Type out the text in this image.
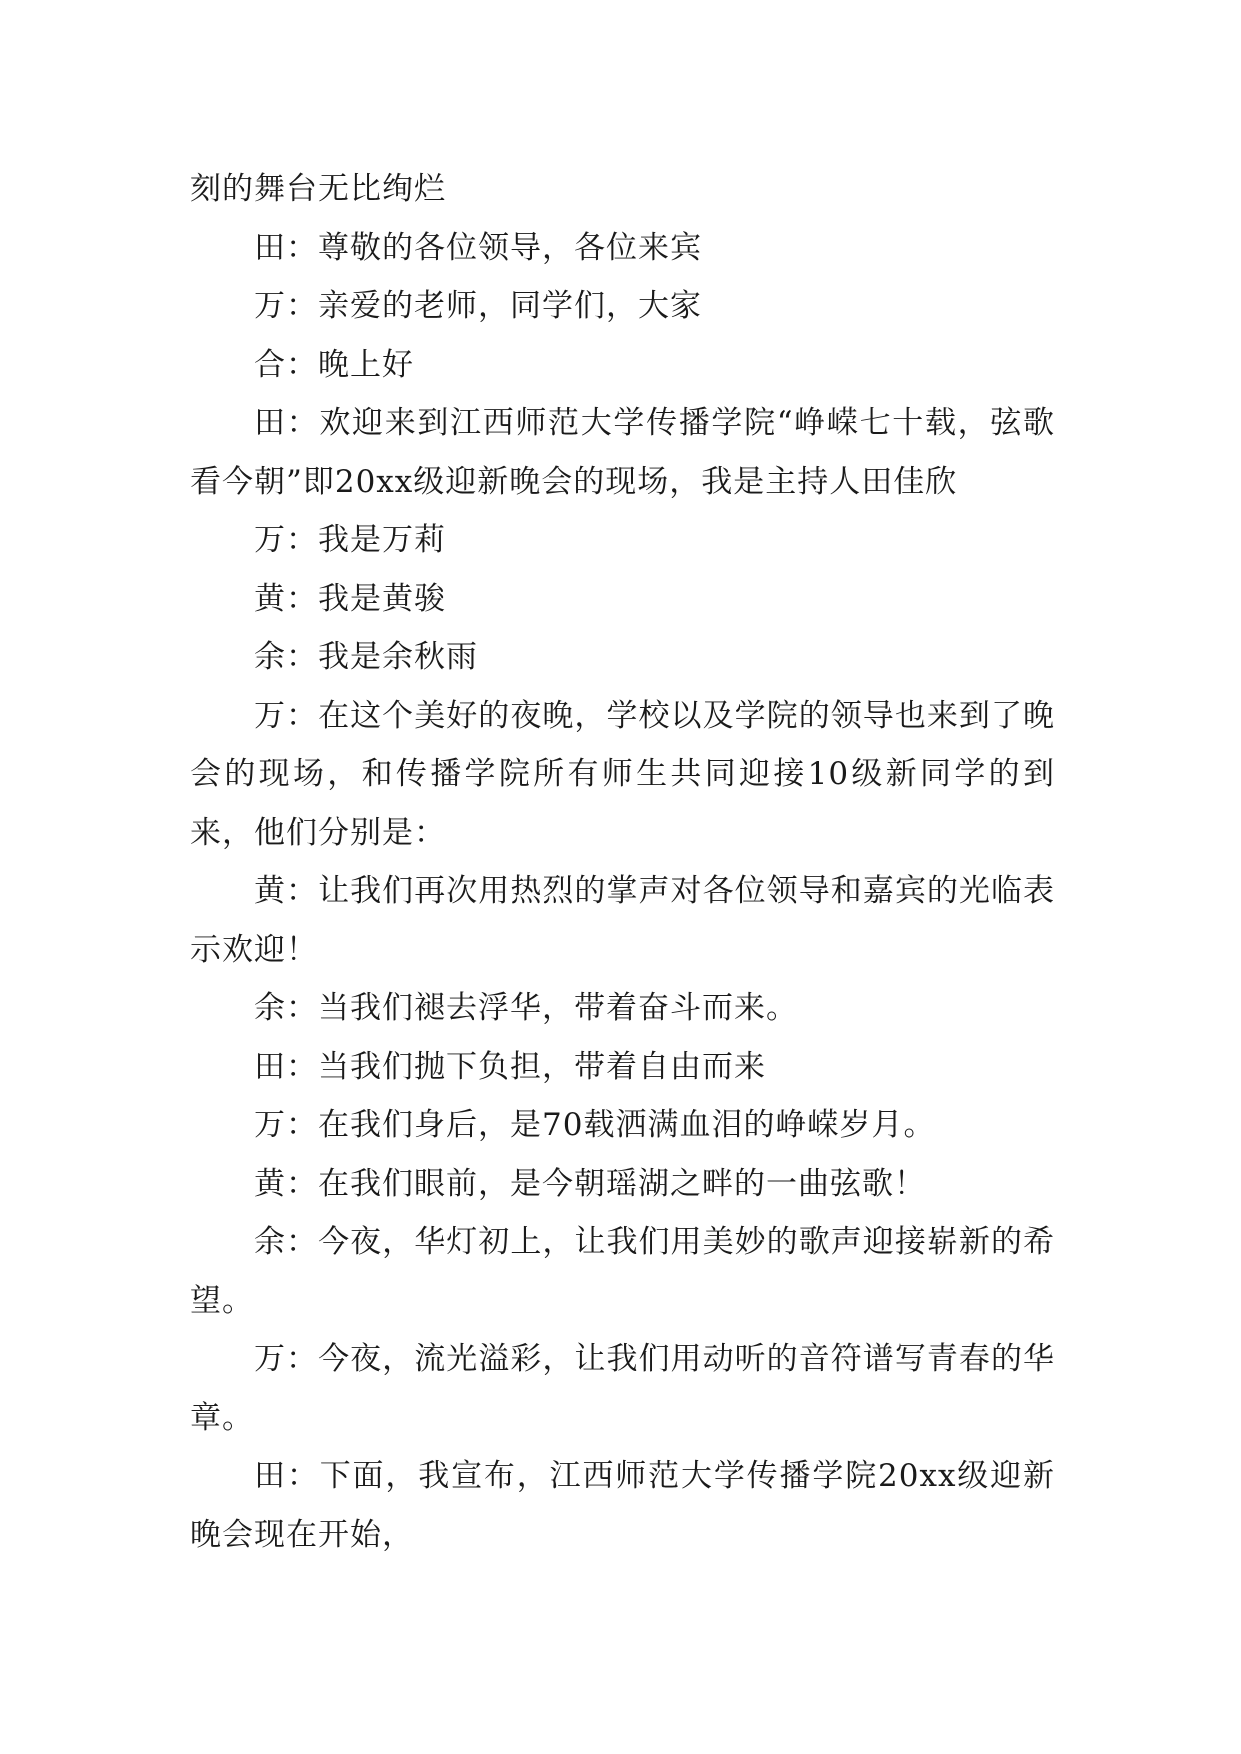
刻的舞台无比绚烂

田：尊敬的各位领导，各位来宾

万：亲爱的老师，同学们，大家

合：晚上好

田：欢迎来到江西师范大学传播学院“峥嵘七十载，弦歌看今朝”即20xx级迎新晚会的现场，我是主持人田佳欣

万：我是万莉

黄：我是黄骏

余：我是余秋雨

万：在这个美好的夜晚，学校以及学院的领导也来到了晚会的现场，和传播学院所有师生共同迎接10级新同学的到来，他们分别是：

黄：让我们再次用热烈的掌声对各位领导和嘉宾的光临表示欢迎！

余：当我们褪去浮华，带着奋斗而来。

田：当我们抛下负担，带着自由而来

万：在我们身后，是70载洒满血泪的峥嵘岁月。

黄：在我们眼前，是今朝瑶湖之畔的一曲弦歌！

余：今夜，华灯初上，让我们用美妙的歌声迎接崭新的希望。

万：今夜，流光溢彩，让我们用动听的音符谱写青春的华章。

田：下面，我宣布，江西师范大学传播学院20xx级迎新晚会现在开始，
